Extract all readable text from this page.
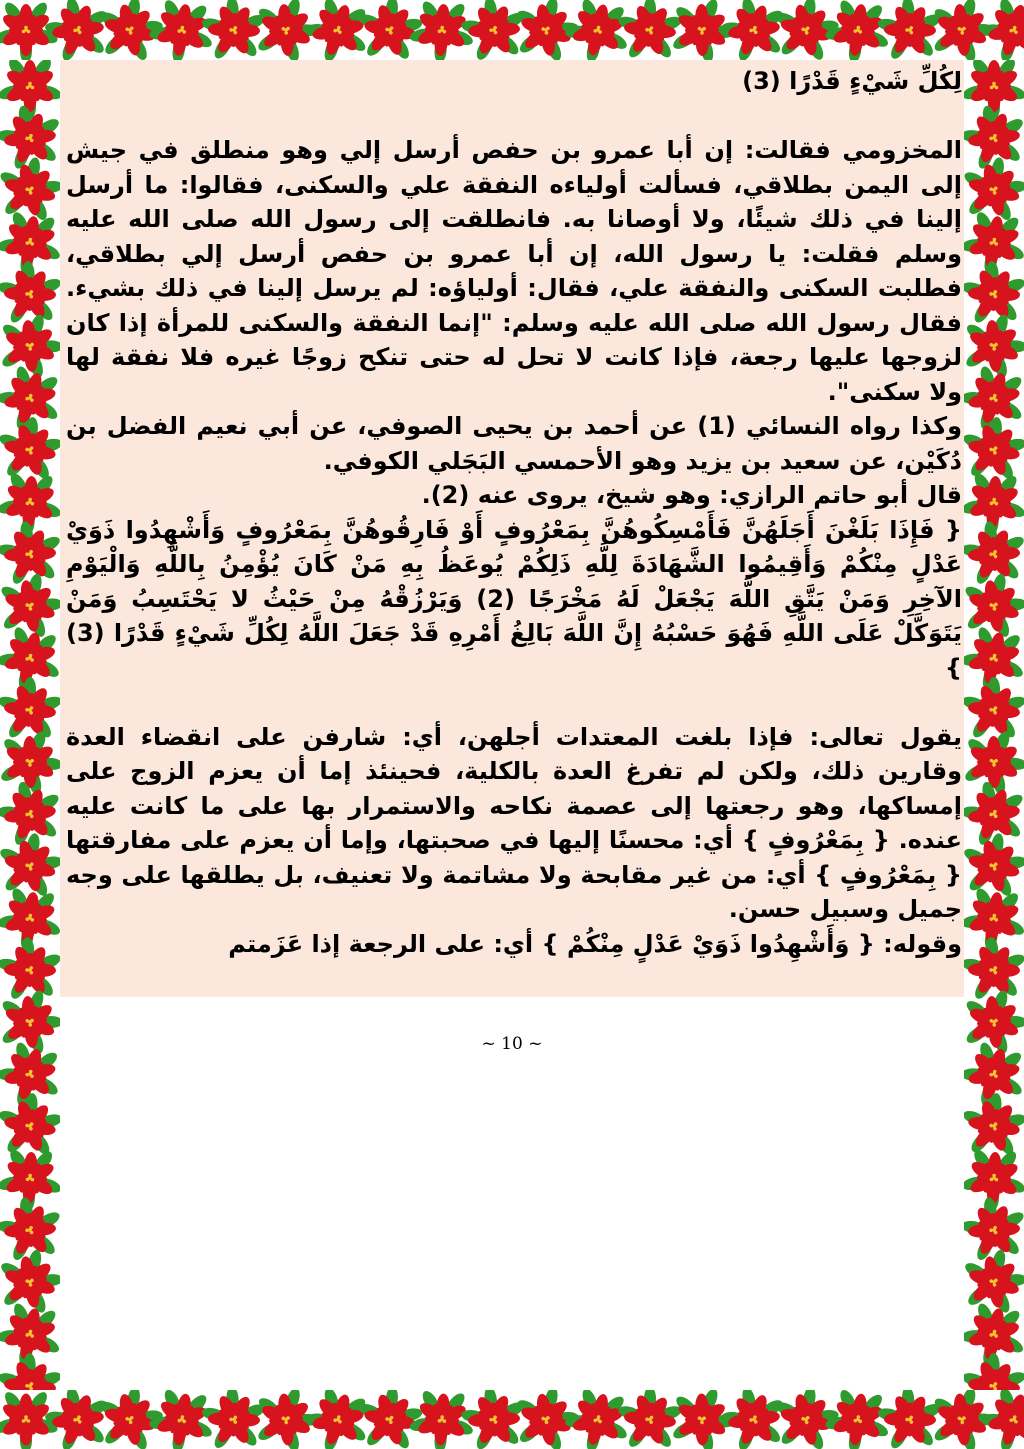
لِكُلِّ شَيْءٍ قَدْرًا (3)

المخزومي فقالت: إن أبا عمرو بن حفص أرسل إلي وهو منطلق في جيش إلى اليمن بطلاقي، فسألت أولياءه النفقة علي والسكنى، فقالوا: ما أرسل إلينا في ذلك شيئًا، ولا أوصانا به. فانطلقت إلى رسول الله صلى الله عليه وسلم فقلت: يا رسول الله، إن أبا عمرو بن حفص أرسل إلي بطلاقي، فطلبت السكنى والنفقة علي، فقال: أولياؤه: لم يرسل إلينا في ذلك بشيء. فقال رسول الله صلى الله عليه وسلم: "إنما النفقة والسكنى للمرأة إذا كان لزوجها عليها رجعة، فإذا كانت لا تحل له حتى تنكح زوجًا غيره فلا نفقة لها ولا سكنى".

وكذا رواه النسائي (1) عن أحمد بن يحيى الصوفي، عن أبي نعيم الفضل بن دُكَيْن، عن سعيد بن يزيد وهو الأحمسي البَجَلي الكوفي.

قال أبو حاتم الرازي: وهو شيخ، يروى عنه (2).

{ فَإِذَا بَلَغْنَ أَجَلَهُنَّ فَأَمْسِكُوهُنَّ بِمَعْرُوفٍ أَوْ فَارِقُوهُنَّ بِمَعْرُوفٍ وَأَشْهِدُوا ذَوَيْ عَدْلٍ مِنْكُمْ وَأَقِيمُوا الشَّهَادَةَ لِلَّهِ ذَلِكُمْ يُوعَظُ بِهِ مَنْ كَانَ يُؤْمِنُ بِاللَّهِ وَالْيَوْمِ الآخِرِ وَمَنْ يَتَّقِ اللَّهَ يَجْعَلْ لَهُ مَخْرَجًا (2) وَيَرْزُقْهُ مِنْ حَيْثُ لا يَحْتَسِبُ وَمَنْ يَتَوَكَّلْ عَلَى اللَّهِ فَهُوَ حَسْبُهُ إِنَّ اللَّهَ بَالِغُ أَمْرِهِ قَدْ جَعَلَ اللَّهُ لِكُلِّ شَيْءٍ قَدْرًا (3) }

يقول تعالى: فإذا بلغت المعتدات أجلهن، أي: شارفن على انقضاء العدة وقارين ذلك، ولكن لم تفرغ العدة بالكلية، فحينئذ إما أن يعزم الزوج على إمساكها، وهو رجعتها إلى عصمة نكاحه والاستمرار بها على ما كانت عليه عنده. { بِمَعْرُوفٍ } أي: محسنًا إليها في صحبتها، وإما أن يعزم على مفارقتها { بِمَعْرُوفٍ } أي: من غير مقابحة ولا مشاتمة ولا تعنيف، بل يطلقها على وجه جميل وسبيل حسن.

وقوله: { وَأَشْهِدُوا ذَوَيْ عَدْلٍ مِنْكُمْ } أي: على الرجعة إذا عَزَمتم

~ 10 ~
